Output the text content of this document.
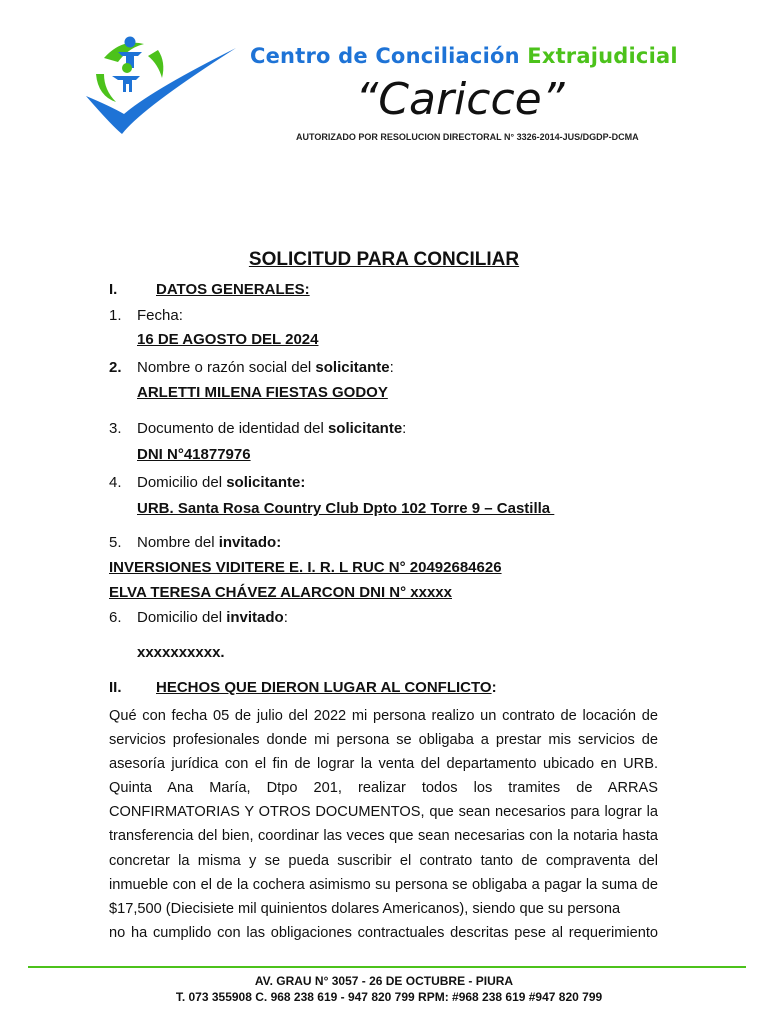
Centro de Conciliación Extrajudicial
“Caricce”
AUTORIZADO POR RESOLUCION DIRECTORAL N° 3326-2014-JUS/DGDP-DCMA
SOLICITUD PARA CONCILIAR
I.	DATOS GENERALES:
1. Fecha:
16 DE AGOSTO DEL 2024
2. Nombre o razón social del solicitante:
ARLETTI MILENA FIESTAS GODOY
3. Documento de identidad del solicitante:
DNI N°41877976
4. Domicilio del solicitante:
URB. Santa Rosa Country Club Dpto 102 Torre 9 – Castilla
5. Nombre del invitado:
INVERSIONES VIDITERE E. I. R. L RUC N° 20492684626
ELVA TERESA CHÁVEZ ALARCON DNI N° xxxxx
6. Domicilio del invitado:
xxxxxxxxxx.
II. HECHOS QUE DIERON LUGAR AL CONFLICTO:
Qué con fecha 05 de julio del 2022 mi persona realizo un contrato de locación de servicios profesionales donde mi persona se obligaba a prestar mis servicios de asesoría jurídica con el fin de lograr la venta del departamento ubicado en URB. Quinta Ana María, Dtpo 201, realizar todos los tramites de ARRAS CONFIRMATORIAS Y OTROS DOCUMENTOS, que sean necesarios para lograr la transferencia del bien, coordinar las veces que sean necesarias con la notaria hasta concretar la misma y se pueda suscribir el contrato tanto de compraventa del inmueble con el de la cochera asimismo su persona se obligaba a pagar la suma de $17,500 (Diecisiete mil quinientos dolares Americanos), siendo que su persona
no ha cumplido con las obligaciones contractuales descritas pese al requerimiento
AV. GRAU N° 3057 - 26 DE OCTUBRE - PIURA
T. 073 355908 C. 968 238 619 - 947 820 799 RPM: #968 238 619 #947 820 799
